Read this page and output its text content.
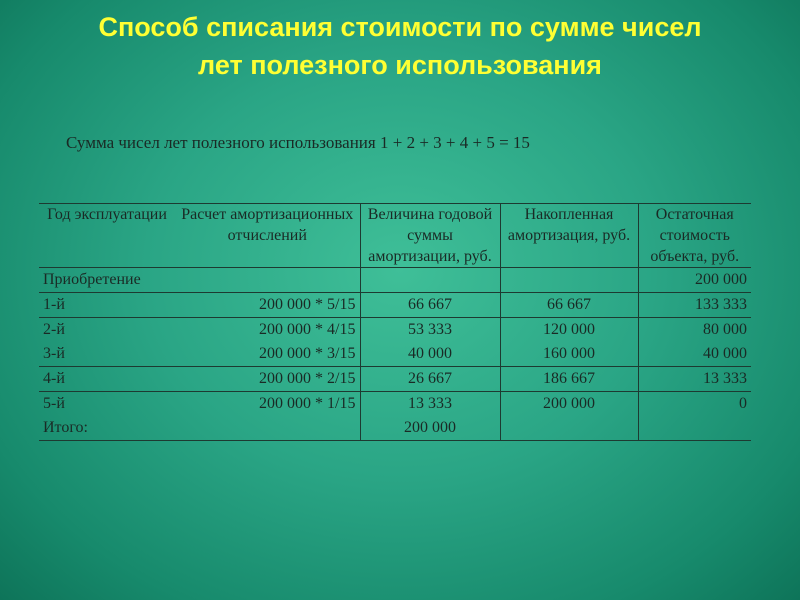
Способ списания стоимости по сумме чисел
лет полезного использования
Сумма чисел лет полезного использования 1 + 2 + 3 + 4 + 5 = 15
Год эксплуатации	Расчет амортизационных отчислений	Величина годовой суммы амортизации, руб.	Накопленная амортизация, руб.	Остаточная стоимость объекта, руб.
Приобретение				200 000
1-й	200 000 * 5/15	66 667	66 667	133 333
2-й	200 000 * 4/15	53 333	120 000	80 000
3-й	200 000 * 3/15	40 000	160 000	40 000
4-й	200 000 * 2/15	26 667	186 667	13 333
5-й	200 000 * 1/15	13 333	200 000	0
Итого:		200 000		
